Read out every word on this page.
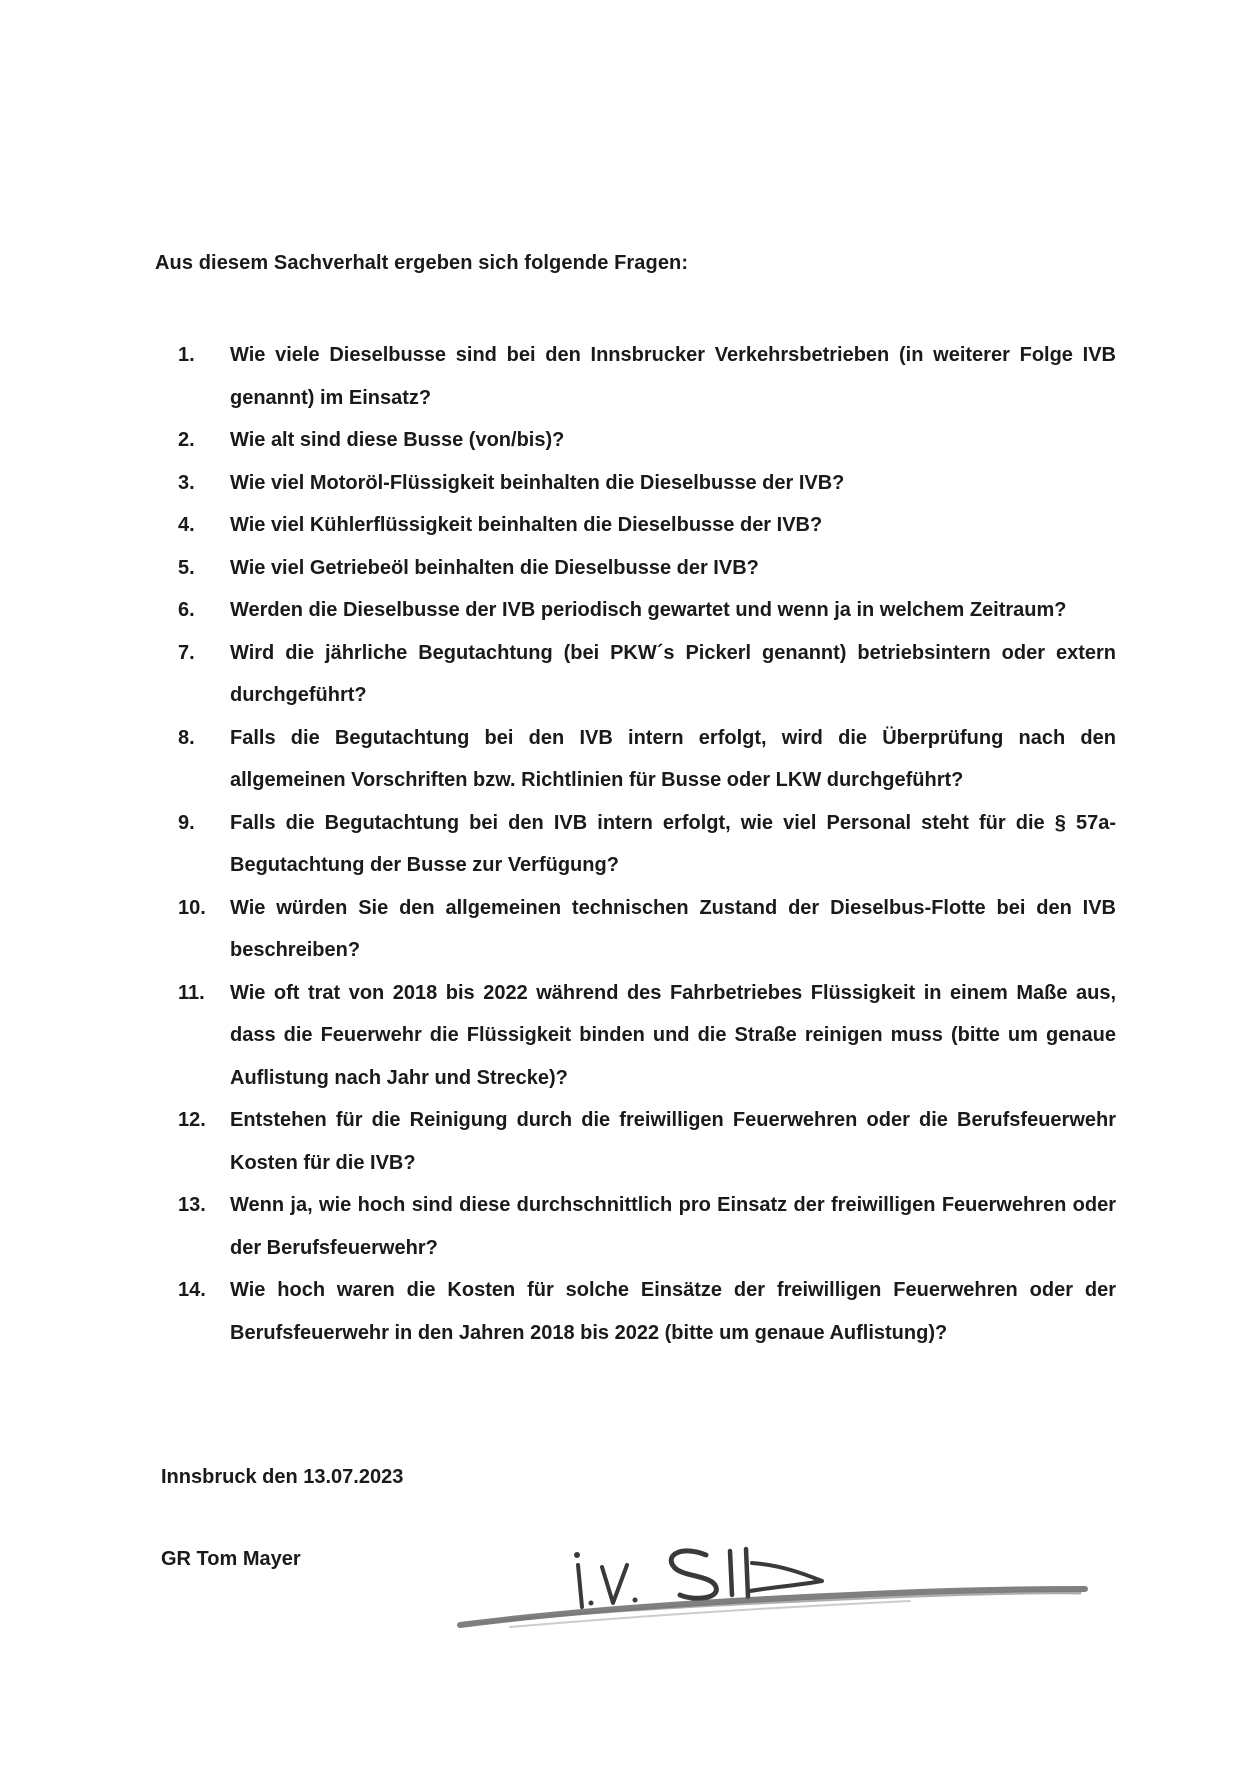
Aus diesem Sachverhalt ergeben sich folgende Fragen:
1.	Wie viele Dieselbusse sind bei den Innsbrucker Verkehrsbetrieben (in weiterer Folge IVB genannt) im Einsatz?
2.	Wie alt sind diese Busse (von/bis)?
3.	Wie viel Motoröl-Flüssigkeit beinhalten die Dieselbusse der IVB?
4.	Wie viel Kühlerflüssigkeit beinhalten die Dieselbusse der IVB?
5.	Wie viel Getriebeöl beinhalten die Dieselbusse der IVB?
6.	Werden die Dieselbusse der IVB periodisch gewartet und wenn ja in welchem Zeitraum?
7.	Wird die jährliche Begutachtung (bei PKW´s Pickerl genannt) betriebsintern oder extern durchgeführt?
8.	Falls die Begutachtung bei den IVB intern erfolgt, wird die Überprüfung nach den allgemeinen Vorschriften bzw. Richtlinien für Busse oder LKW durchgeführt?
9.	Falls die Begutachtung bei den IVB intern erfolgt, wie viel Personal steht für die § 57a-Begutachtung der Busse zur Verfügung?
10.	Wie würden Sie den allgemeinen technischen Zustand der Dieselbus-Flotte bei den IVB beschreiben?
11.	Wie oft trat von 2018 bis 2022 während des Fahrbetriebes Flüssigkeit in einem Maße aus, dass die Feuerwehr die Flüssigkeit binden und die Straße reinigen muss (bitte um genaue Auflistung nach Jahr und Strecke)?
12.	Entstehen für die Reinigung durch die freiwilligen Feuerwehren oder die Berufsfeuerwehr Kosten für die IVB?
13.	Wenn ja, wie hoch sind diese durchschnittlich pro Einsatz der freiwilligen Feuerwehren oder der Berufsfeuerwehr?
14.	Wie hoch waren die Kosten für solche Einsätze der freiwilligen Feuerwehren oder der Berufsfeuerwehr in den Jahren 2018 bis 2022 (bitte um genaue Auflistung)?
Innsbruck den 13.07.2023
GR Tom Mayer
